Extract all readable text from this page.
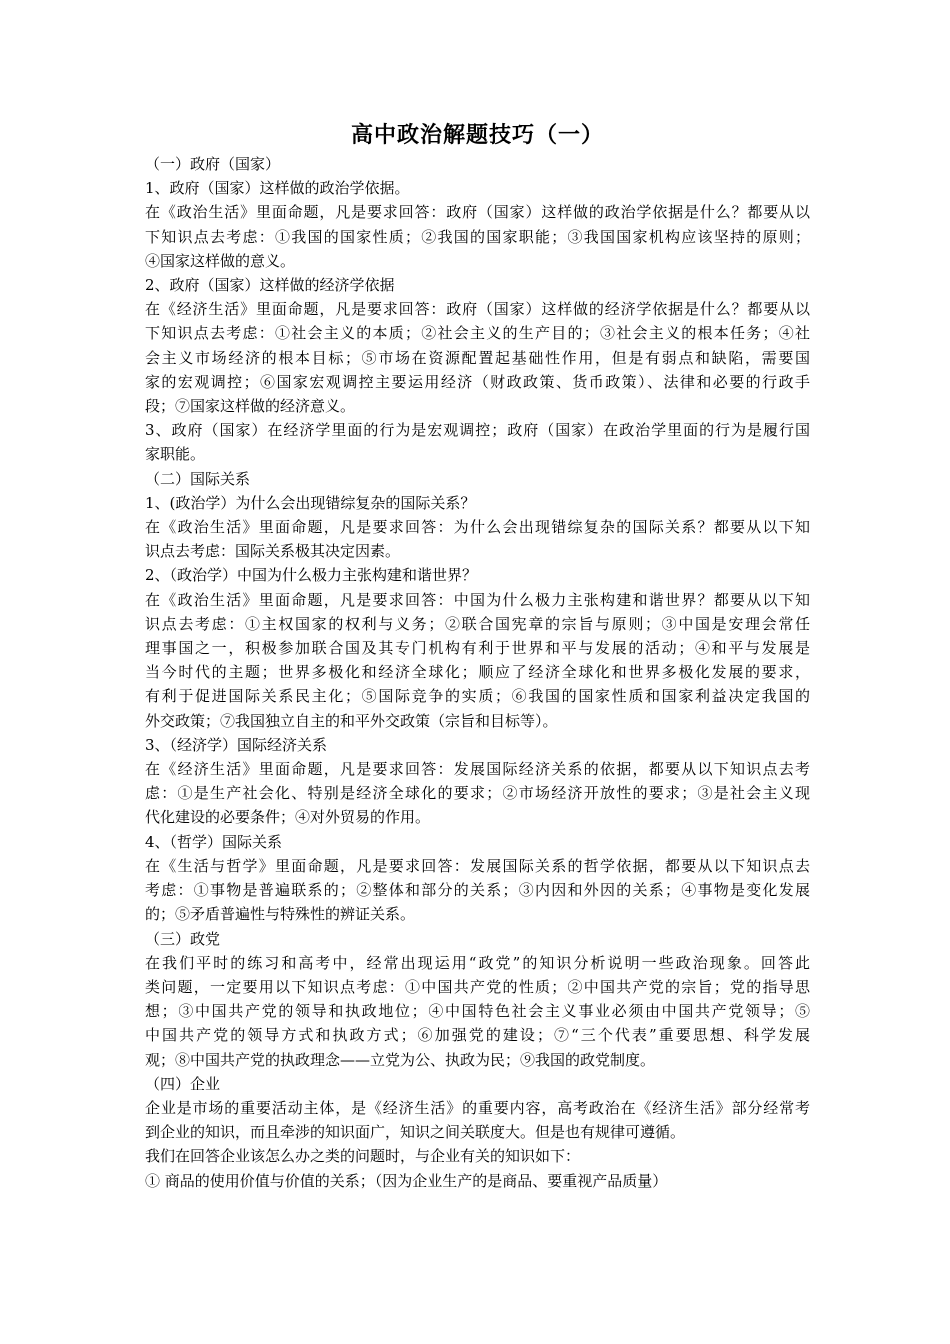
高中政治解题技巧（一）

（一）政府（国家）

1、政府（国家）这样做的政治学依据。

在《政治生活》里面命题，凡是要求回答：政府（国家）这样做的政治学依据是什么？都要从以

下知识点去考虑：①我国的国家性质；②我国的国家职能；③我国国家机构应该坚持的原则；

④国家这样做的意义。

2、政府（国家）这样做的经济学依据

在《经济生活》里面命题，凡是要求回答：政府（国家）这样做的经济学依据是什么？都要从以

下知识点去考虑：①社会主义的本质；②社会主义的生产目的；③社会主义的根本任务；④社

会主义市场经济的根本目标；⑤市场在资源配置起基础性作用，但是有弱点和缺陷，需要国

家的宏观调控；⑥国家宏观调控主要运用经济（财政政策、货币政策）、法律和必要的行政手

段；⑦国家这样做的经济意义。

3、政府（国家）在经济学里面的行为是宏观调控；政府（国家）在政治学里面的行为是履行国

家职能。

（二）国际关系

1、(政治学）为什么会出现错综复杂的国际关系？

在《政治生活》里面命题，凡是要求回答：为什么会出现错综复杂的国际关系？都要从以下知

识点去考虑：国际关系极其决定因素。

2、（政治学）中国为什么极力主张构建和谐世界？

在《政治生活》里面命题，凡是要求回答：中国为什么极力主张构建和谐世界？都要从以下知

识点去考虑：①主权国家的权利与义务；②联合国宪章的宗旨与原则；③中国是安理会常任

理事国之一，积极参加联合国及其专门机构有利于世界和平与发展的活动；④和平与发展是

当今时代的主题；世界多极化和经济全球化；顺应了经济全球化和世界多极化发展的要求，

有利于促进国际关系民主化；⑤国际竞争的实质；⑥我国的国家性质和国家利益决定我国的

外交政策；⑦我国独立自主的和平外交政策（宗旨和目标等）。

3、（经济学）国际经济关系

在《经济生活》里面命题，凡是要求回答：发展国际经济关系的依据，都要从以下知识点去考

虑：①是生产社会化、特别是经济全球化的要求；②市场经济开放性的要求；③是社会主义现

代化建设的必要条件；④对外贸易的作用。

4、（哲学）国际关系

在《生活与哲学》里面命题，凡是要求回答：发展国际关系的哲学依据，都要从以下知识点去

考虑：①事物是普遍联系的；②整体和部分的关系；③内因和外因的关系；④事物是变化发展

的；⑤矛盾普遍性与特殊性的辨证关系。

（三）政党

在我们平时的练习和高考中，经常出现运用“政党”的知识分析说明一些政治现象。回答此

类问题，一定要用以下知识点考虑：①中国共产党的性质；②中国共产党的宗旨；党的指导思

想；③中国共产党的领导和执政地位；④中国特色社会主义事业必须由中国共产党领导；⑤

中国共产党的领导方式和执政方式；⑥加强党的建设；⑦“三个代表”重要思想、科学发展

观；⑧中国共产党的执政理念——立党为公、执政为民；⑨我国的政党制度。

（四）企业

企业是市场的重要活动主体，是《经济生活》的重要内容，高考政治在《经济生活》部分经常考

到企业的知识，而且牵涉的知识面广，知识之间关联度大。但是也有规律可遵循。

我们在回答企业该怎么办之类的问题时，与企业有关的知识如下：

① 商品的使用价值与价值的关系；（因为企业生产的是商品、要重视产品质量）
